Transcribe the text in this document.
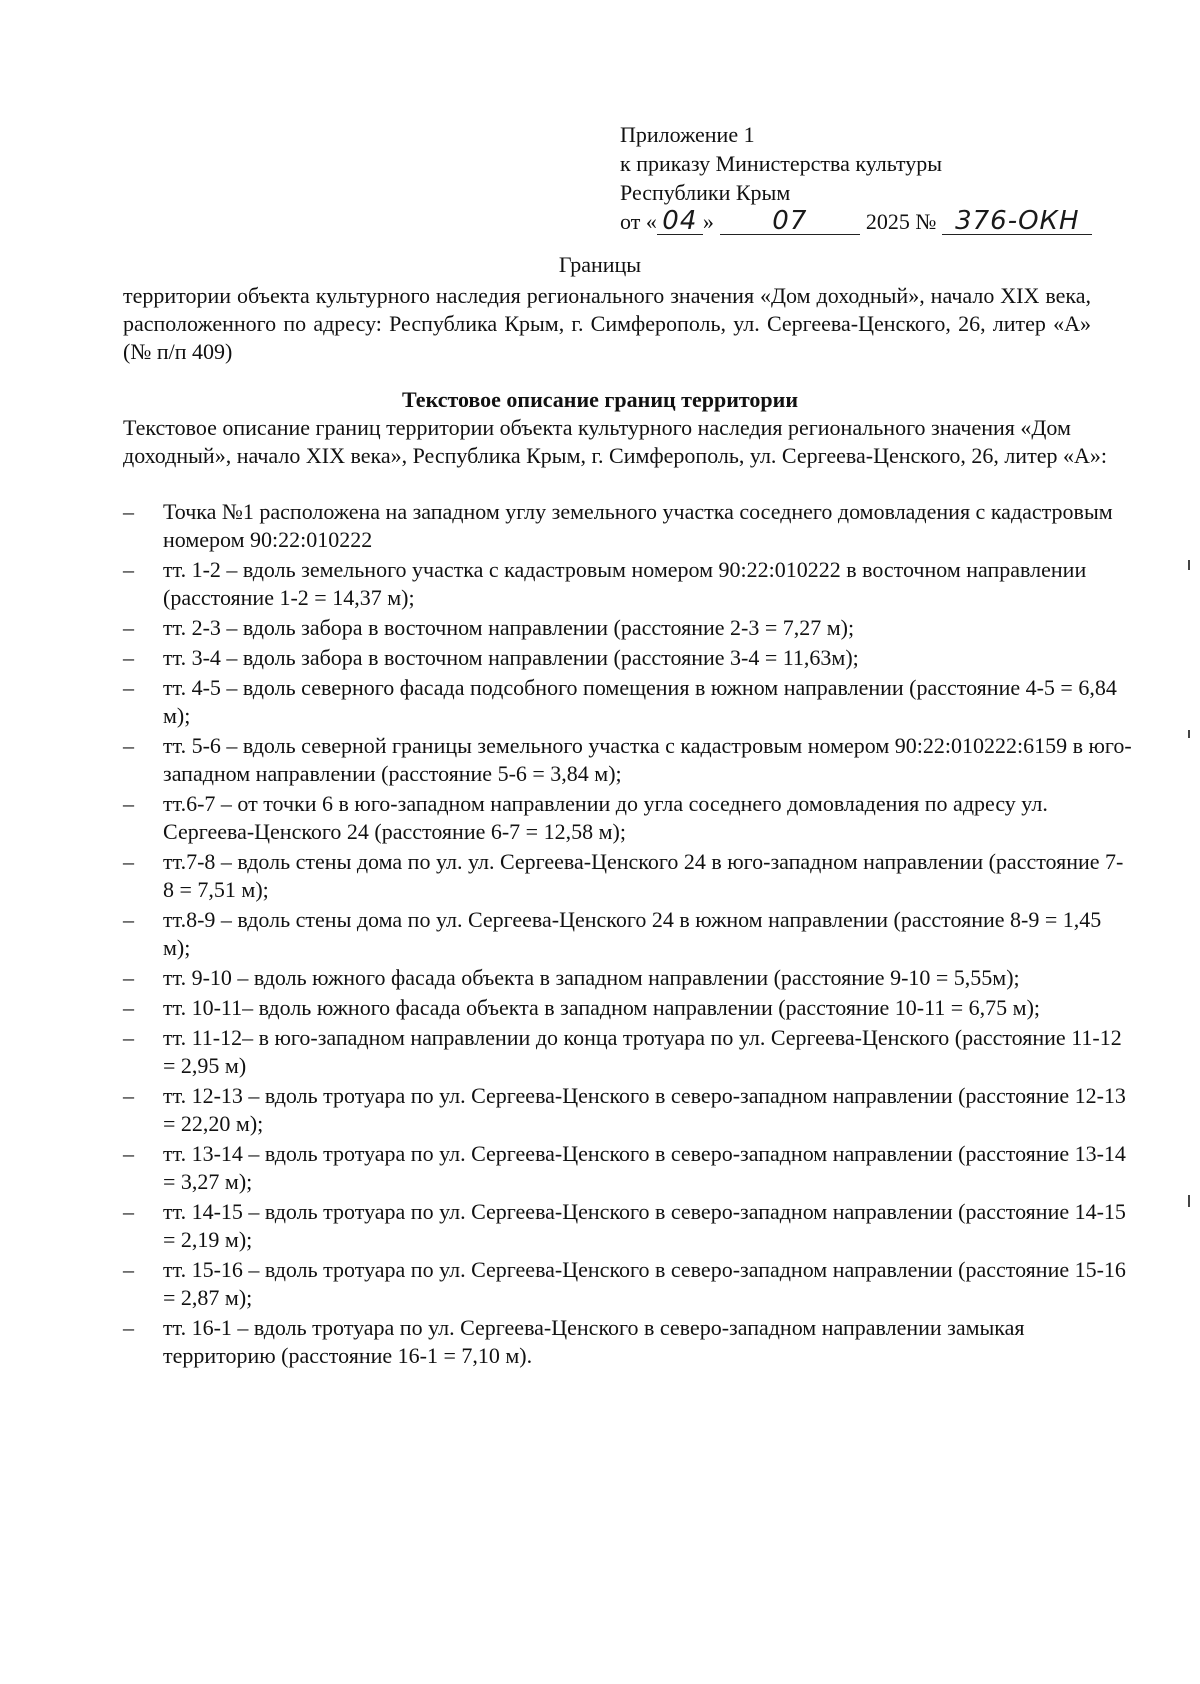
Приложение 1
к приказу Министерства культуры
Республики Крым
от « 04 » 07	2025 № 376-ОКН
Границы
территории объекта культурного наследия регионального значения «Дом доходный», начало XIX века, расположенного по адресу: Республика Крым, г. Симферополь, ул. Сергеева-Ценского, 26, литер «А» (№ п/п 409)
Текстовое описание границ территории
Текстовое описание границ территории объекта культурного наследия регионального значения «Дом доходный», начало XIX века», Республика Крым, г. Симферополь, ул. Сергеева-Ценского, 26, литер «А»:
–	Точка №1 расположена на западном углу земельного участка соседнего домовладения с кадастровым номером 90:22:010222
–	тт. 1-2 – вдоль земельного участка с кадастровым номером 90:22:010222 в восточном направлении (расстояние 1-2 = 14,37 м);
–	тт. 2-3 – вдоль забора в восточном направлении (расстояние 2-3 = 7,27 м);
–	тт. 3-4 – вдоль забора в восточном направлении (расстояние 3-4 = 11,63м);
–	тт. 4-5 – вдоль северного фасада подсобного помещения в южном направлении (расстояние 4-5 = 6,84 м);
–	тт. 5-6 – вдоль северной границы земельного участка с кадастровым номером 90:22:010222:6159 в юго-западном направлении (расстояние 5-6 = 3,84 м);
–	тт.6-7 – от точки 6 в юго-западном направлении до угла соседнего домовладения по адресу ул. Сергеева-Ценского 24 (расстояние 6-7 = 12,58 м);
–	тт.7-8 – вдоль стены дома по ул. ул. Сергеева-Ценского 24 в юго-западном направлении (расстояние 7-8 = 7,51 м);
–	тт.8-9 – вдоль стены дома по ул. Сергеева-Ценского 24 в южном направлении (расстояние 8-9 = 1,45 м);
–	тт. 9-10 – вдоль южного фасада объекта в западном направлении (расстояние 9-10 = 5,55м);
–	тт. 10-11– вдоль южного фасада объекта в западном направлении (расстояние 10-11 = 6,75 м);
–	тт. 11-12– в юго-западном направлении до конца тротуара по ул. Сергеева-Ценского (расстояние 11-12 = 2,95 м)
–	тт. 12-13 – вдоль тротуара по ул. Сергеева-Ценского в северо-западном направлении (расстояние 12-13 = 22,20 м);
–	тт. 13-14 – вдоль тротуара по ул. Сергеева-Ценского в северо-западном направлении (расстояние 13-14 = 3,27 м);
–	тт. 14-15 – вдоль тротуара по ул. Сергеева-Ценского в северо-западном направлении (расстояние 14-15 = 2,19 м);
–	тт. 15-16 – вдоль тротуара по ул. Сергеева-Ценского в северо-западном направлении (расстояние 15-16 = 2,87 м);
–	тт. 16-1 – вдоль тротуара по ул. Сергеева-Ценского в северо-западном направлении замыкая территорию (расстояние 16-1 = 7,10 м).
